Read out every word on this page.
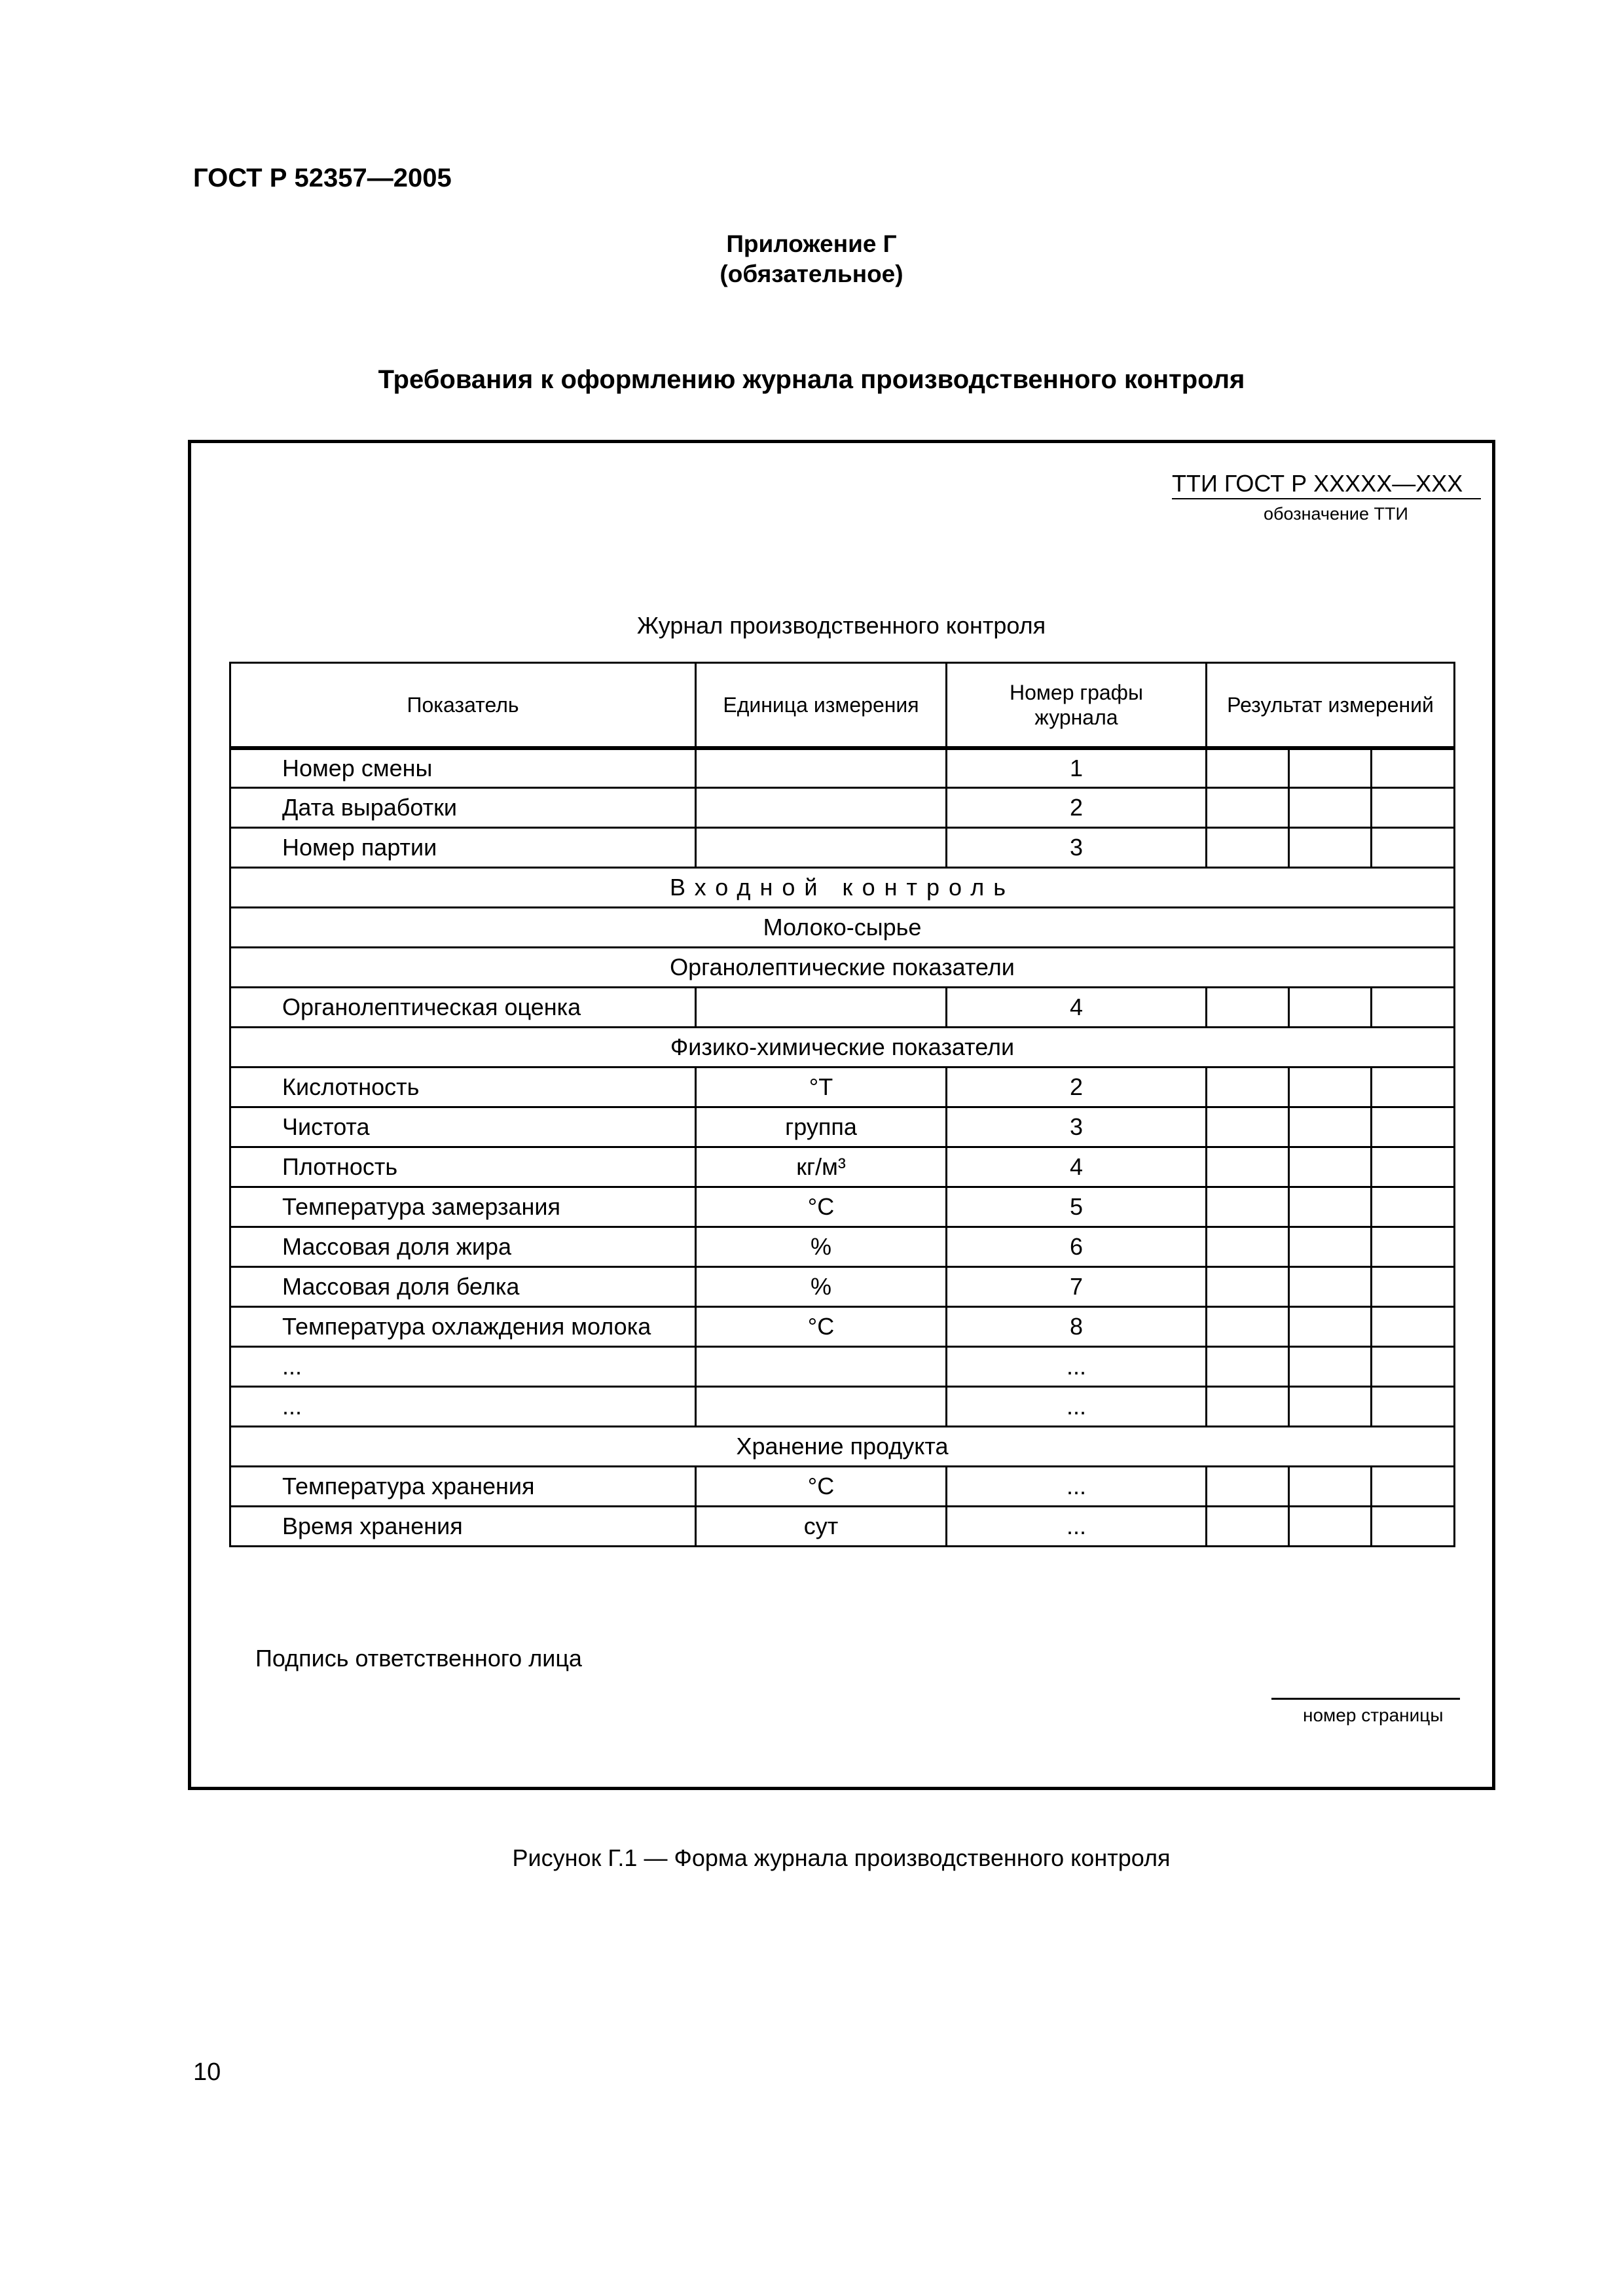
ГОСТ Р 52357—2005
Приложение Г
(обязательное)
Требования к оформлению журнала производственного контроля
ТТИ ГОСТ Р ХХХХХ—ХХХ
обозначение ТТИ
Журнал производственного контроля
Показатель	Единица измерения	Номер графы журнала	Результат измерений		
Номер смены		1			
Дата выработки		2			
Номер партии		3			
Входной контроль					
Молоко-сырье					
Органолептические показатели					
Органолептическая оценка		4			
Физико-химические показатели					
Кислотность	°T	2			
Чистота	группа	3			
Плотность	кг/м³	4			
Температура замерзания	°С	5			
Массовая доля жира	%	6			
Массовая доля белка	%	7			
Температура охлаждения молока	°С	8			
...		...			
...		...			
Хранение продукта					
Температура хранения	°С	...			
Время хранения	сут	...			
Подпись ответственного лица
номер страницы
Рисунок Г.1 — Форма журнала производственного контроля
10
